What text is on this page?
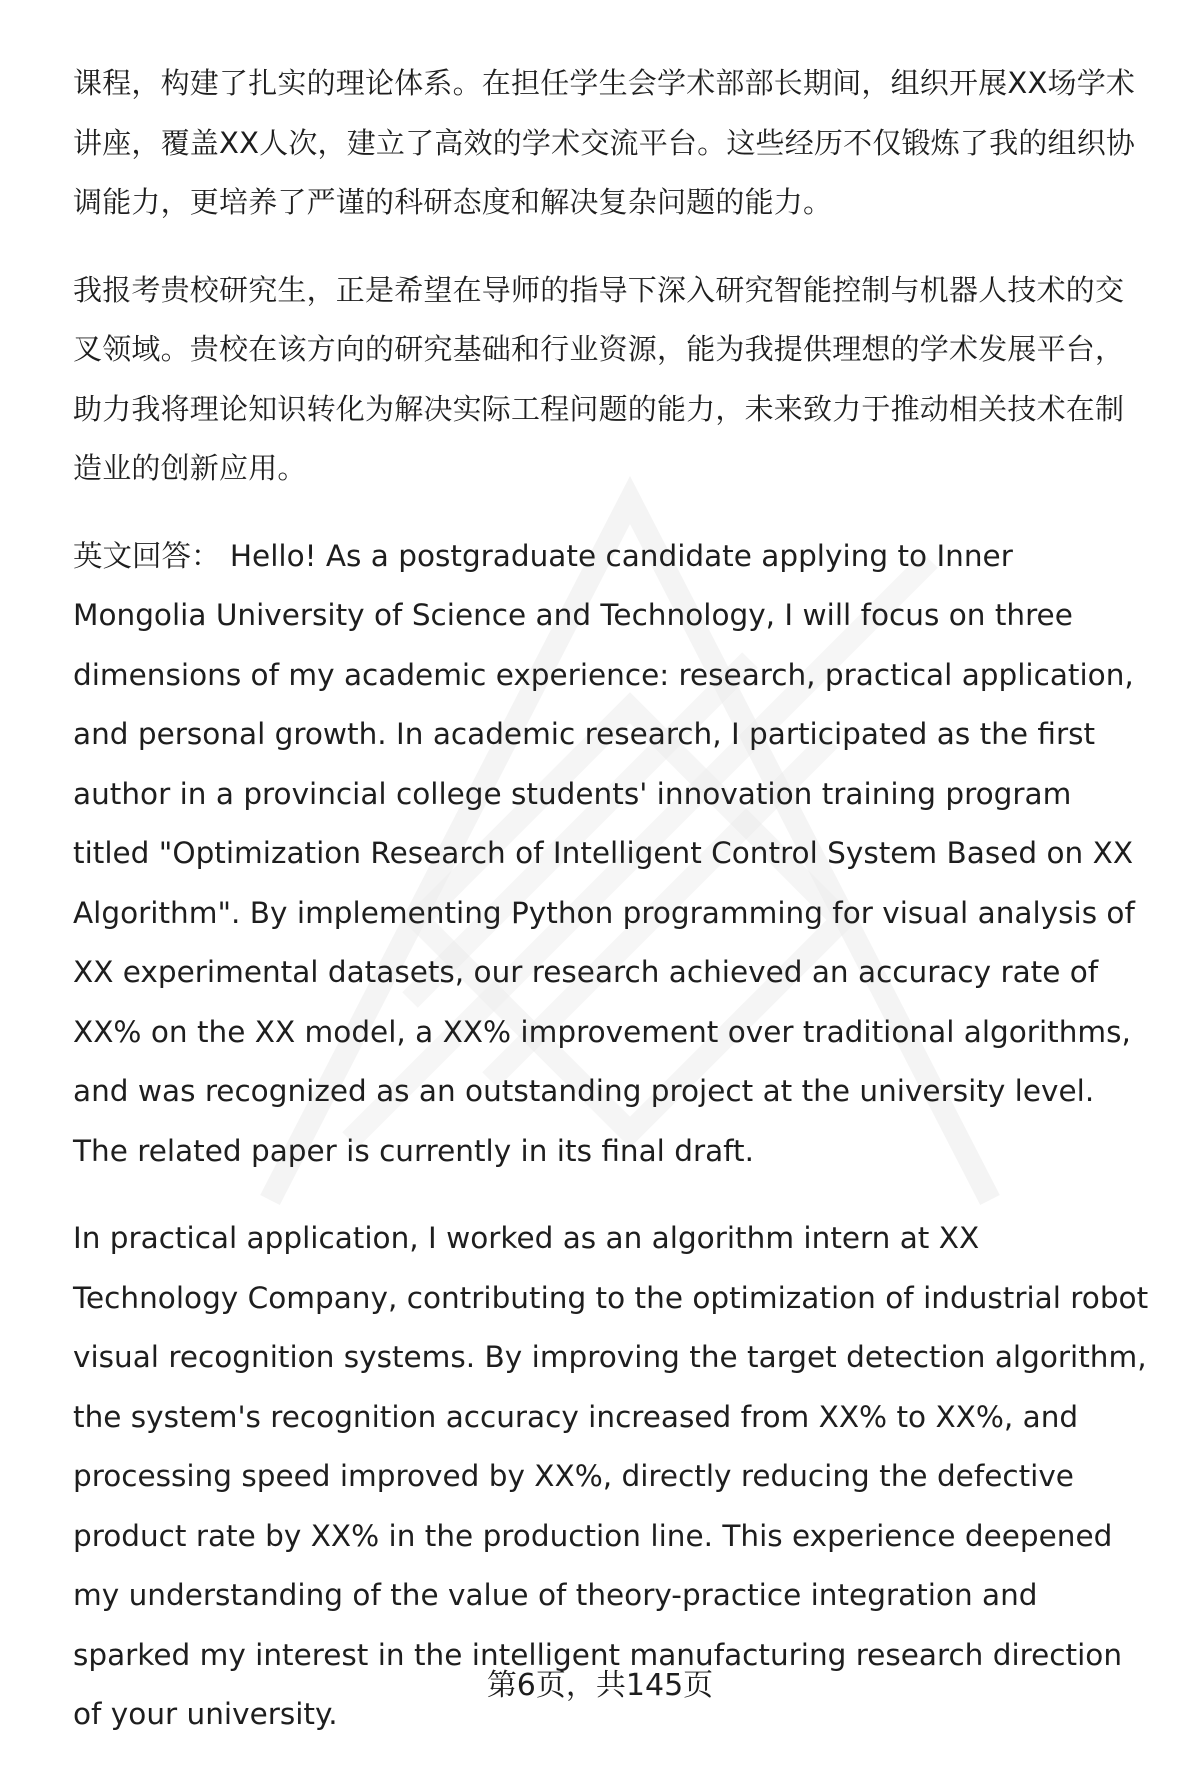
课程，构建了扎实的理论体系。在担任学生会学术部部长期间，组织开展XX场学术讲座，覆盖XX人次，建立了高效的学术交流平台。这些经历不仅锻炼了我的组织协调能力，更培养了严谨的科研态度和解决复杂问题的能力。

我报考贵校研究生，正是希望在导师的指导下深入研究智能控制与机器人技术的交叉领域。贵校在该方向的研究基础和行业资源，能为我提供理想的学术发展平台，助力我将理论知识转化为解决实际工程问题的能力，未来致力于推动相关技术在制造业的创新应用。

英文回答： Hello! As a postgraduate candidate applying to Inner Mongolia University of Science and Technology, I will focus on three dimensions of my academic experience: research, practical application, and personal growth. In academic research, I participated as the first author in a provincial college students' innovation training program titled "Optimization Research of Intelligent Control System Based on XX Algorithm". By implementing Python programming for visual analysis of XX experimental datasets, our research achieved an accuracy rate of XX% on the XX model, a XX% improvement over traditional algorithms, and was recognized as an outstanding project at the university level. The related paper is currently in its final draft.

In practical application, I worked as an algorithm intern at XX Technology Company, contributing to the optimization of industrial robot visual recognition systems. By improving the target detection algorithm, the system's recognition accuracy increased from XX% to XX%, and processing speed improved by XX%, directly reducing the defective product rate by XX% in the production line. This experience deepened my understanding of the value of theory-practice integration and sparked my interest in the intelligent manufacturing research direction of your university.

第6页，共145页
